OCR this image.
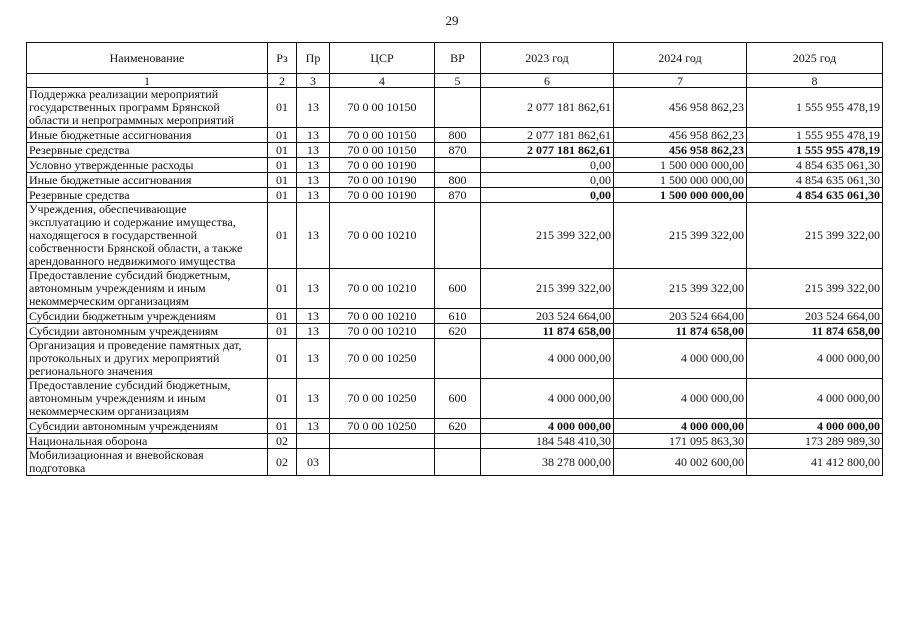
29
Наименование	Рз	Пр	ЦСР	ВР	2023 год	2024 год	2025 год
1	2	3	4	5	6	7	8
Поддержка реализации мероприятий
государственных программ Брянской
области и непрограммных мероприятий	01	13	70 0 00 10150		2 077 181 862,61	456 958 862,23	1 555 955 478,19
Иные бюджетные ассигнования	01	13	70 0 00 10150	800	2 077 181 862,61	456 958 862,23	1 555 955 478,19
Резервные средства	01	13	70 0 00 10150	870	2 077 181 862,61	456 958 862,23	1 555 955 478,19
Условно утвержденные расходы	01	13	70 0 00 10190		0,00	1 500 000 000,00	4 854 635 061,30
Иные бюджетные ассигнования	01	13	70 0 00 10190	800	0,00	1 500 000 000,00	4 854 635 061,30
Резервные средства	01	13	70 0 00 10190	870	0,00	1 500 000 000,00	4 854 635 061,30
Учреждения, обеспечивающие
эксплуатацию и содержание имущества,
находящегося в государственной
собственности Брянской области, а также
арендованного недвижимого имущества	01	13	70 0 00 10210		215 399 322,00	215 399 322,00	215 399 322,00
Предоставление субсидий бюджетным,
автономным учреждениям и иным
некоммерческим организациям	01	13	70 0 00 10210	600	215 399 322,00	215 399 322,00	215 399 322,00
Субсидии бюджетным учреждениям	01	13	70 0 00 10210	610	203 524 664,00	203 524 664,00	203 524 664,00
Субсидии автономным учреждениям	01	13	70 0 00 10210	620	11 874 658,00	11 874 658,00	11 874 658,00
Организация и проведение памятных дат,
протокольных и других мероприятий
регионального значения	01	13	70 0 00 10250		4 000 000,00	4 000 000,00	4 000 000,00
Предоставление субсидий бюджетным,
автономным учреждениям и иным
некоммерческим организациям	01	13	70 0 00 10250	600	4 000 000,00	4 000 000,00	4 000 000,00
Субсидии автономным учреждениям	01	13	70 0 00 10250	620	4 000 000,00	4 000 000,00	4 000 000,00
Национальная оборона	02				184 548 410,30	171 095 863,30	173 289 989,30
Мобилизационная и вневойсковая
подготовка	02	03			38 278 000,00	40 002 600,00	41 412 800,00
